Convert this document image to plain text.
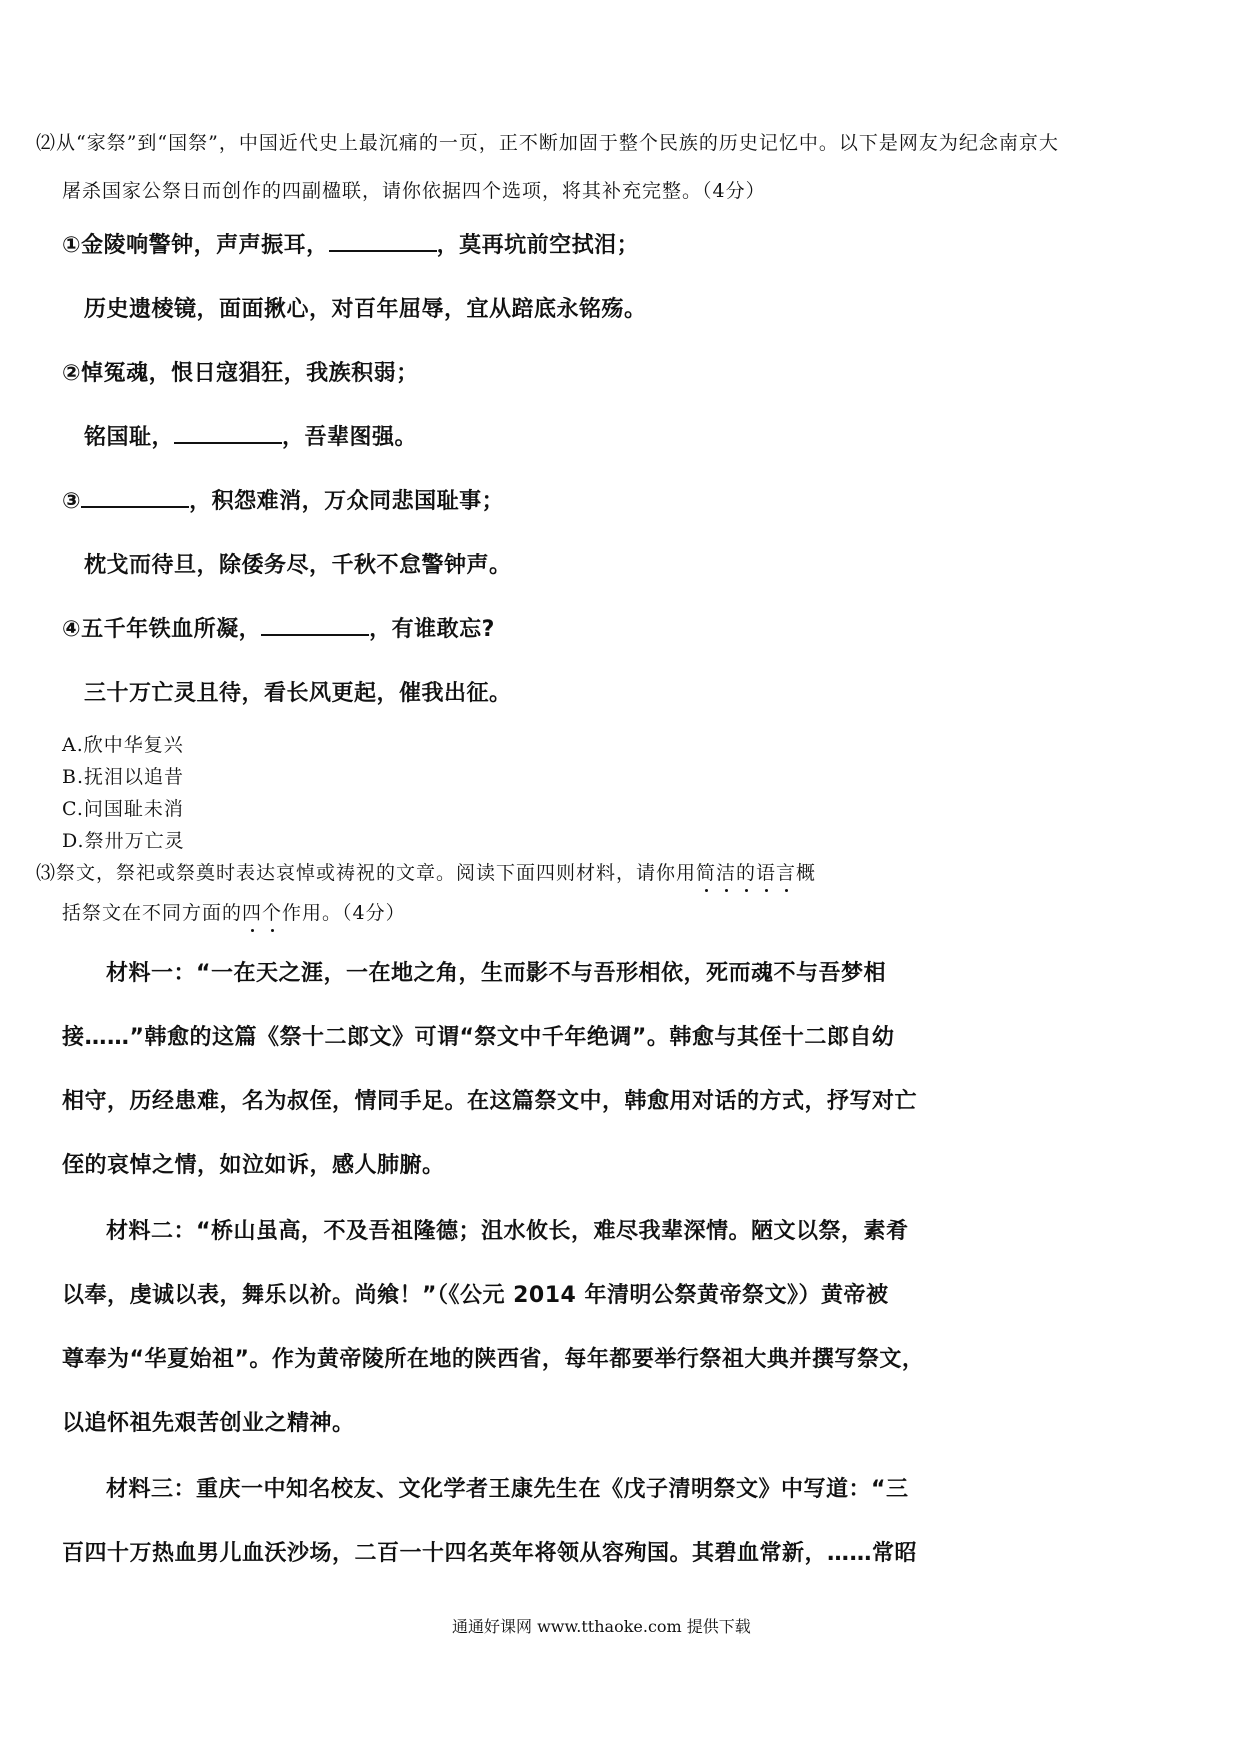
⑵从“家祭”到“国祭”，中国近代史上最沉痛的一页，正不断加固于整个民族的历史记忆中。以下是网友为纪念南京大
屠杀国家公祭日而创作的四副楹联，请你依据四个选项，将其补充完整。（4分）
①金陵响警钟，声声振耳，	，莫再坑前空拭泪；
历史遗棱镜，面面揪心，对百年屈辱，宜从踣底永铭殇。
②悼冤魂，恨日寇猖狂，我族积弱；
铭国耻，	，吾辈图强。
③	，积怨难消，万众同悲国耻事；
枕戈而待旦，除倭务尽，千秋不怠警钟声。
④五千年铁血所凝，	，有谁敢忘?
三十万亡灵且待，看长风更起，催我出征。
A.欣中华复兴
B.抚泪以追昔
C.问国耻未消
D.祭卅万亡灵
⑶祭文，祭祀或祭奠时表达哀悼或祷祝的文章。阅读下面四则材料，请你用简洁的语言
概
括祭文在不同方面的四个
作用。（4分）
材料一：“一在天之涯，一在地之角，生而影不与吾形相依，死而魂不与吾梦相
接……”韩愈的这篇《祭十二郎文》可谓“祭文中千年绝调”。韩愈与其侄十二郎自幼
相守，历经患难，名为叔侄，情同手足。在这篇祭文中，韩愈用对话的方式，抒写对亡
侄的哀悼之情，如泣如诉，感人肺腑。
材料二：“桥山虽高，不及吾祖隆德；沮水攸长，难尽我辈深情。陋文以祭，素肴
以奉，虔诚以表，舞乐以祄。尚飨！”（《公元 2014 年清明公祭黄帝祭文》）黄帝被
尊奉为“华夏始祖”。作为黄帝陵所在地的陕西省，每年都要举行祭祖大典并撰写祭文，
以追怀祖先艰苦创业之精神。
材料三：重庆一中知名校友、文化学者王康先生在《戊子清明祭文》中写道：“三
百四十万热血男儿血沃沙场，二百一十四名英年将领从容殉国。其碧血常新，……常昭
通通好课网 www.tthaoke.com 提供下载
